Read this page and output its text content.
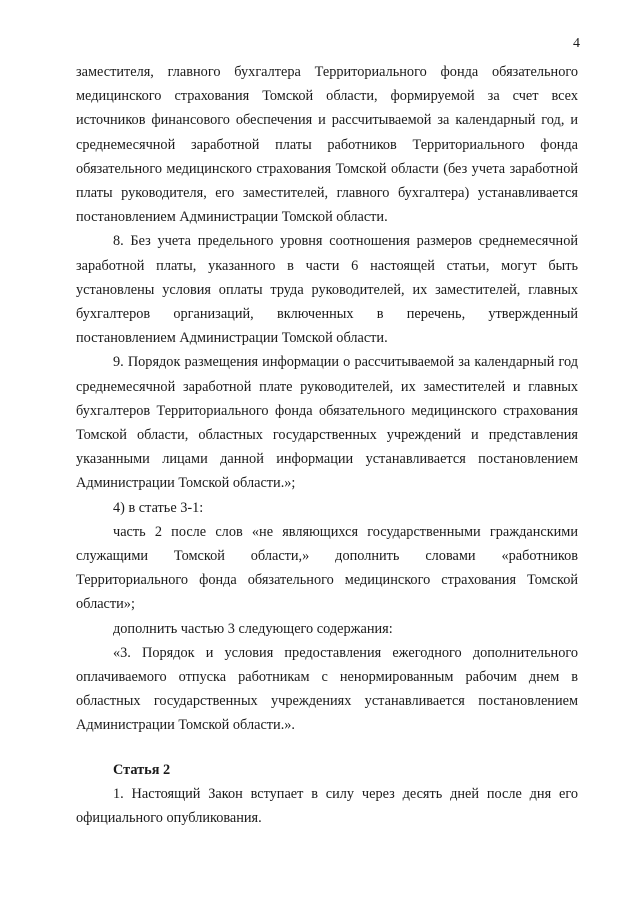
4

заместителя, главного бухгалтера Территориального фонда обязательного медицинского страхования Томской области, формируемой за счет всех источников финансового обеспечения и рассчитываемой за календарный год, и среднемесячной заработной платы работников Территориального фонда обязательного медицинского страхования Томской области (без учета заработной платы руководителя, его заместителей, главного бухгалтера) устанавливается постановлением Администрации Томской области.

8. Без учета предельного уровня соотношения размеров среднемесячной заработной платы, указанного в части 6 настоящей статьи, могут быть установлены условия оплаты труда руководителей, их заместителей, главных бухгалтеров организаций, включенных в перечень, утвержденный постановлением Администрации Томской области.

9. Порядок размещения информации о рассчитываемой за календарный год среднемесячной заработной плате руководителей, их заместителей и главных бухгалтеров Территориального фонда обязательного медицинского страхования Томской области, областных государственных учреждений и представления указанными лицами данной информации устанавливается постановлением Администрации Томской области.»;

4) в статье 3-1:

часть 2 после слов «не являющихся государственными гражданскими служащими Томской области,» дополнить словами «работников Территориального фонда обязательного медицинского страхования Томской области»;

дополнить частью 3 следующего содержания:

«3. Порядок и условия предоставления ежегодного дополнительного оплачиваемого отпуска работникам с ненормированным рабочим днем в областных государственных учреждениях устанавливается постановлением Администрации Томской области.».

Статья 2

1. Настоящий Закон вступает в силу через десять дней после дня его официального опубликования.
